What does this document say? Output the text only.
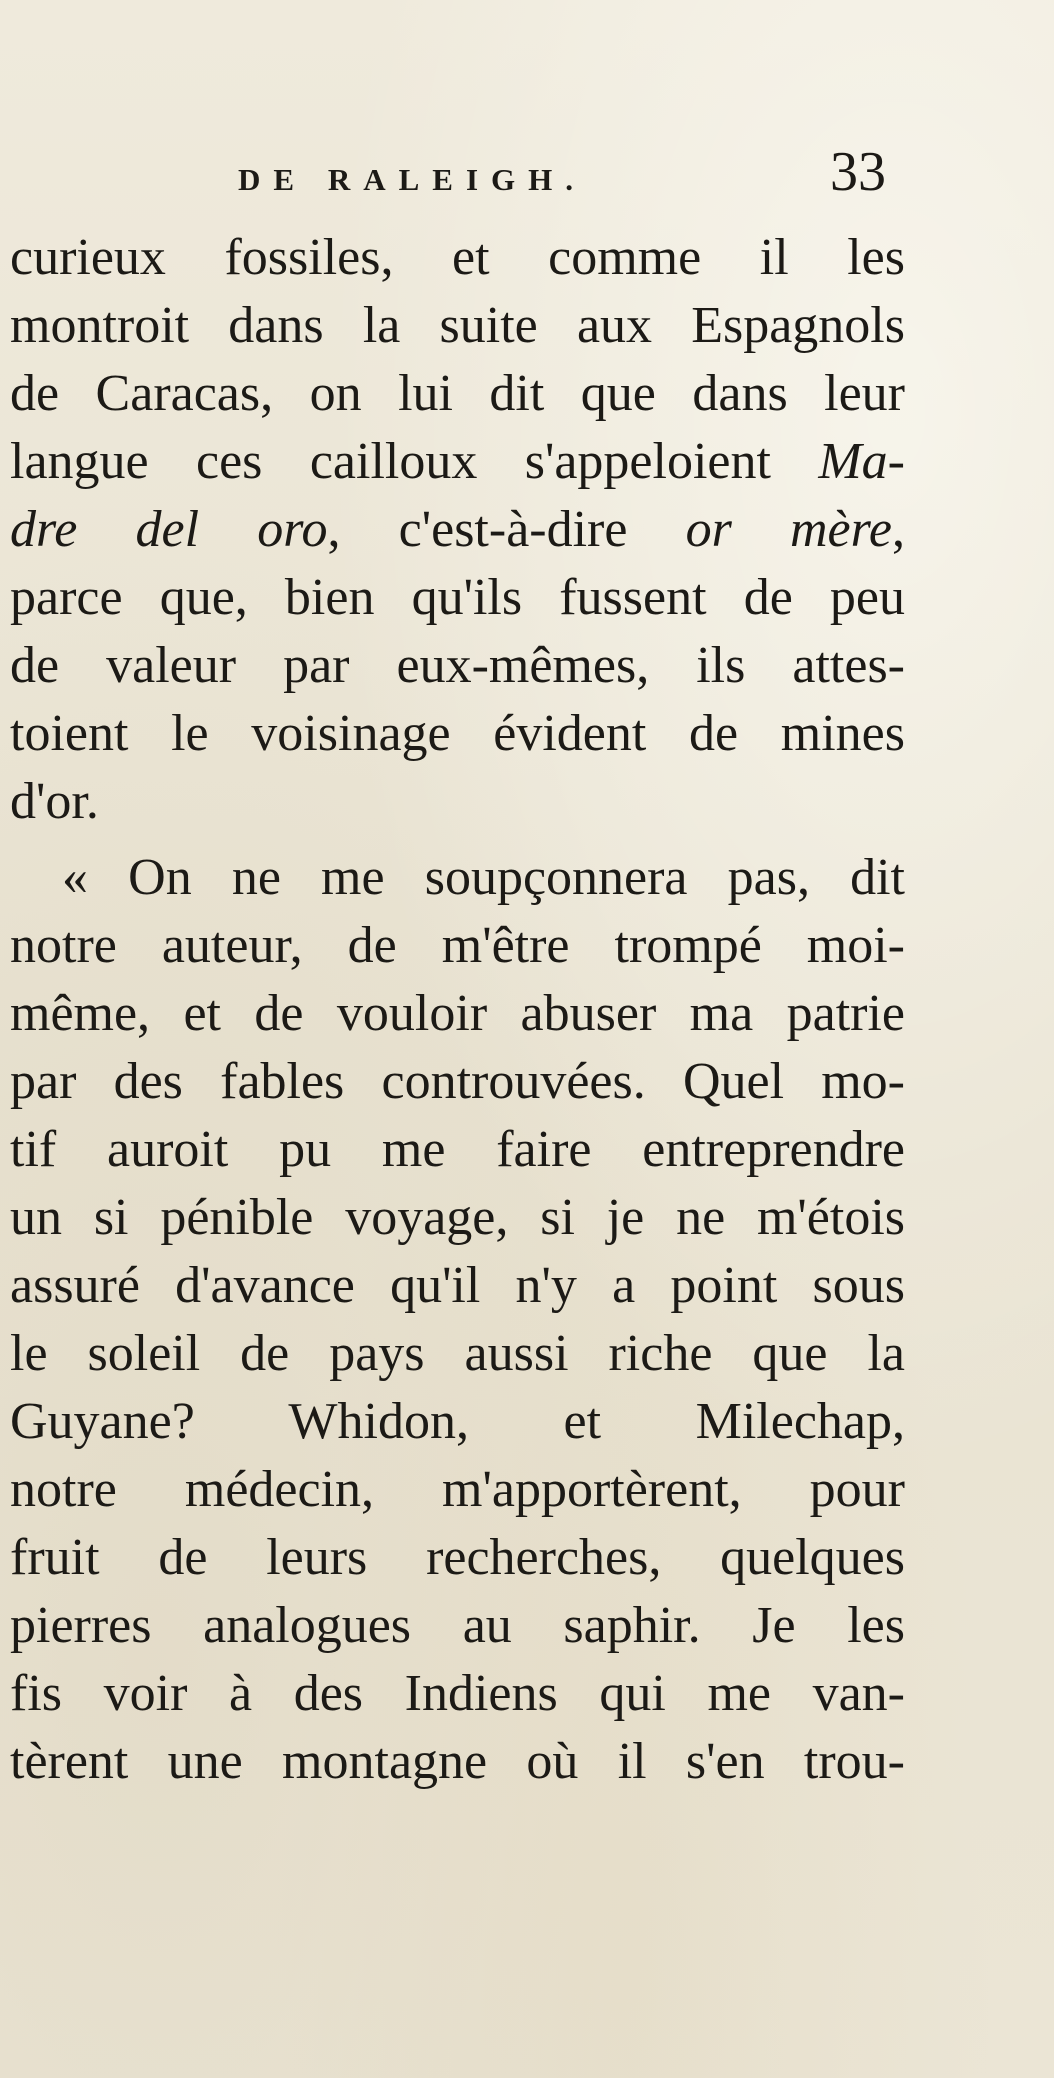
DE RALEIGH.	33
curieux fossiles, et comme il les
montroit dans la suite aux Espagnols
de Caracas, on lui dit que dans leur
langue ces cailloux s'appeloient Ma-
dre del oro, c'est-à-dire or mère,
parce que, bien qu'ils fussent de peu
de valeur par eux-mêmes, ils attes-
toient le voisinage évident de mines
d'or.
« On ne me soupçonnera pas, dit
notre auteur, de m'être trompé moi-
même, et de vouloir abuser ma patrie
par des fables controuvées. Quel mo-
tif auroit pu me faire entreprendre
un si pénible voyage, si je ne m'étois
assuré d'avance qu'il n'y a point sous
le soleil de pays aussi riche que la
Guyane? Whidon, et Milechap,
notre médecin, m'apportèrent, pour
fruit de leurs recherches, quelques
pierres analogues au saphir. Je les
fis voir à des Indiens qui me van-
tèrent une montagne où il s'en trou-
